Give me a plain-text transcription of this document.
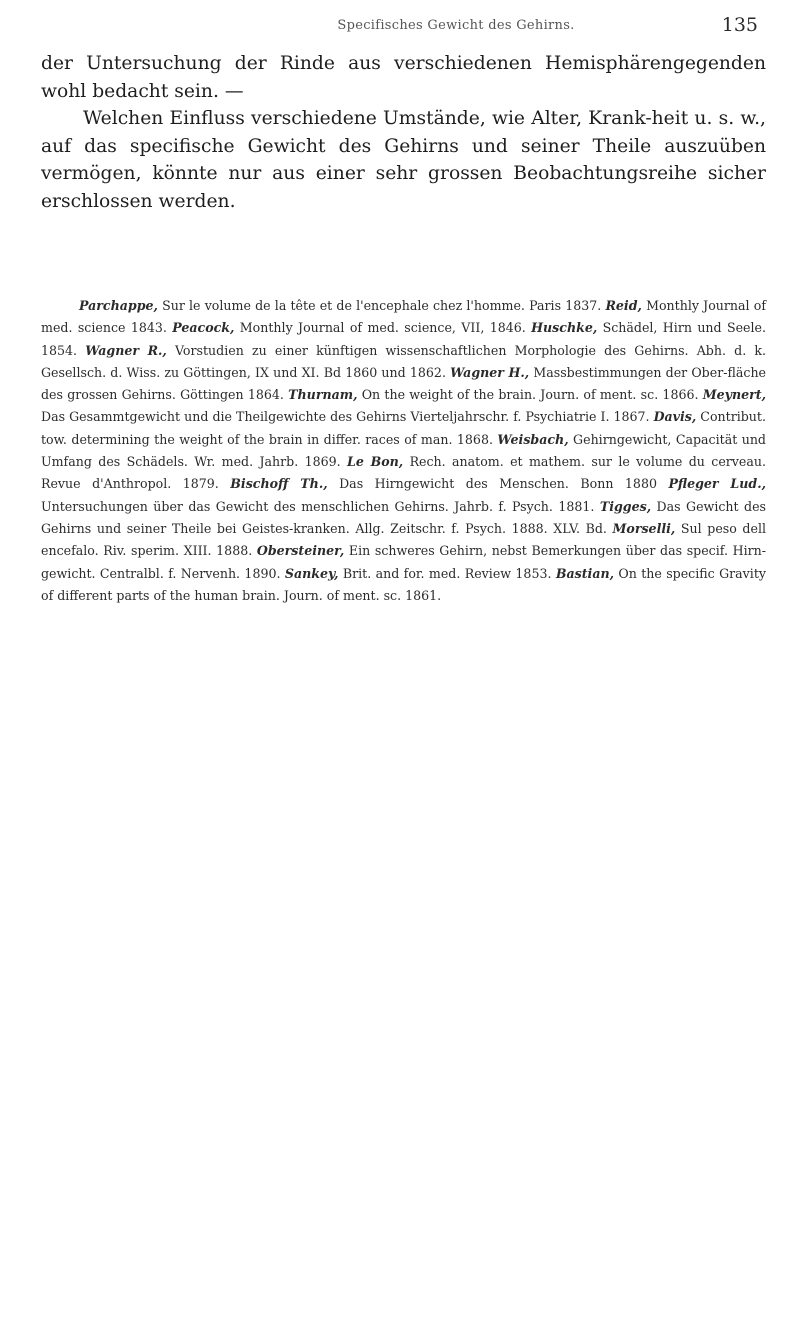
Specifisches Gewicht des Gehirns.	135

der Untersuchung der Rinde aus verschiedenen Hemisphärengegenden wohl bedacht sein. —

Welchen Einfluss verschiedene Umstände, wie Alter, Krank-heit u. s. w., auf das specifische Gewicht des Gehirns und seiner Theile auszuüben vermögen, könnte nur aus einer sehr grossen Beobachtungsreihe sicher erschlossen werden.

Parchappe, Sur le volume de la tête et de l'encephale chez l'homme. Paris 1837. Reid, Monthly Journal of med. science 1843. Peacock, Monthly Journal of med. science, VII, 1846. Huschke, Schädel, Hirn und Seele. 1854. Wagner R., Vorstudien zu einer künftigen wissenschaftlichen Morphologie des Gehirns. Abh. d. k. Gesellsch. d. Wiss. zu Göttingen, IX und XI. Bd 1860 und 1862. Wagner H., Massbestimmungen der Ober-fläche des grossen Gehirns. Göttingen 1864. Thurnam, On the weight of the brain. Journ. of ment. sc. 1866. Meynert, Das Gesammtgewicht und die Theilgewichte des Gehirns Vierteljahrschr. f. Psychiatrie I. 1867. Davis, Contribut. tow. determining the weight of the brain in differ. races of man. 1868. Weisbach, Gehirngewicht, Capacität und Umfang des Schädels. Wr. med. Jahrb. 1869. Le Bon, Rech. anatom. et mathem. sur le volume du cerveau. Revue d'Anthropol. 1879. Bischoff Th., Das Hirngewicht des Menschen. Bonn 1880 Pfleger Lud., Untersuchungen über das Gewicht des menschlichen Gehirns. Jahrb. f. Psych. 1881. Tigges, Das Gewicht des Gehirns und seiner Theile bei Geistes-kranken. Allg. Zeitschr. f. Psych. 1888. XLV. Bd. Morselli, Sul peso dell encefalo. Riv. sperim. XIII. 1888. Obersteiner, Ein schweres Gehirn, nebst Bemerkungen über das specif. Hirn-gewicht. Centralbl. f. Nervenh. 1890. Sankey, Brit. and for. med. Review 1853. Bastian, On the specific Gravity of different parts of the human brain. Journ. of ment. sc. 1861.
